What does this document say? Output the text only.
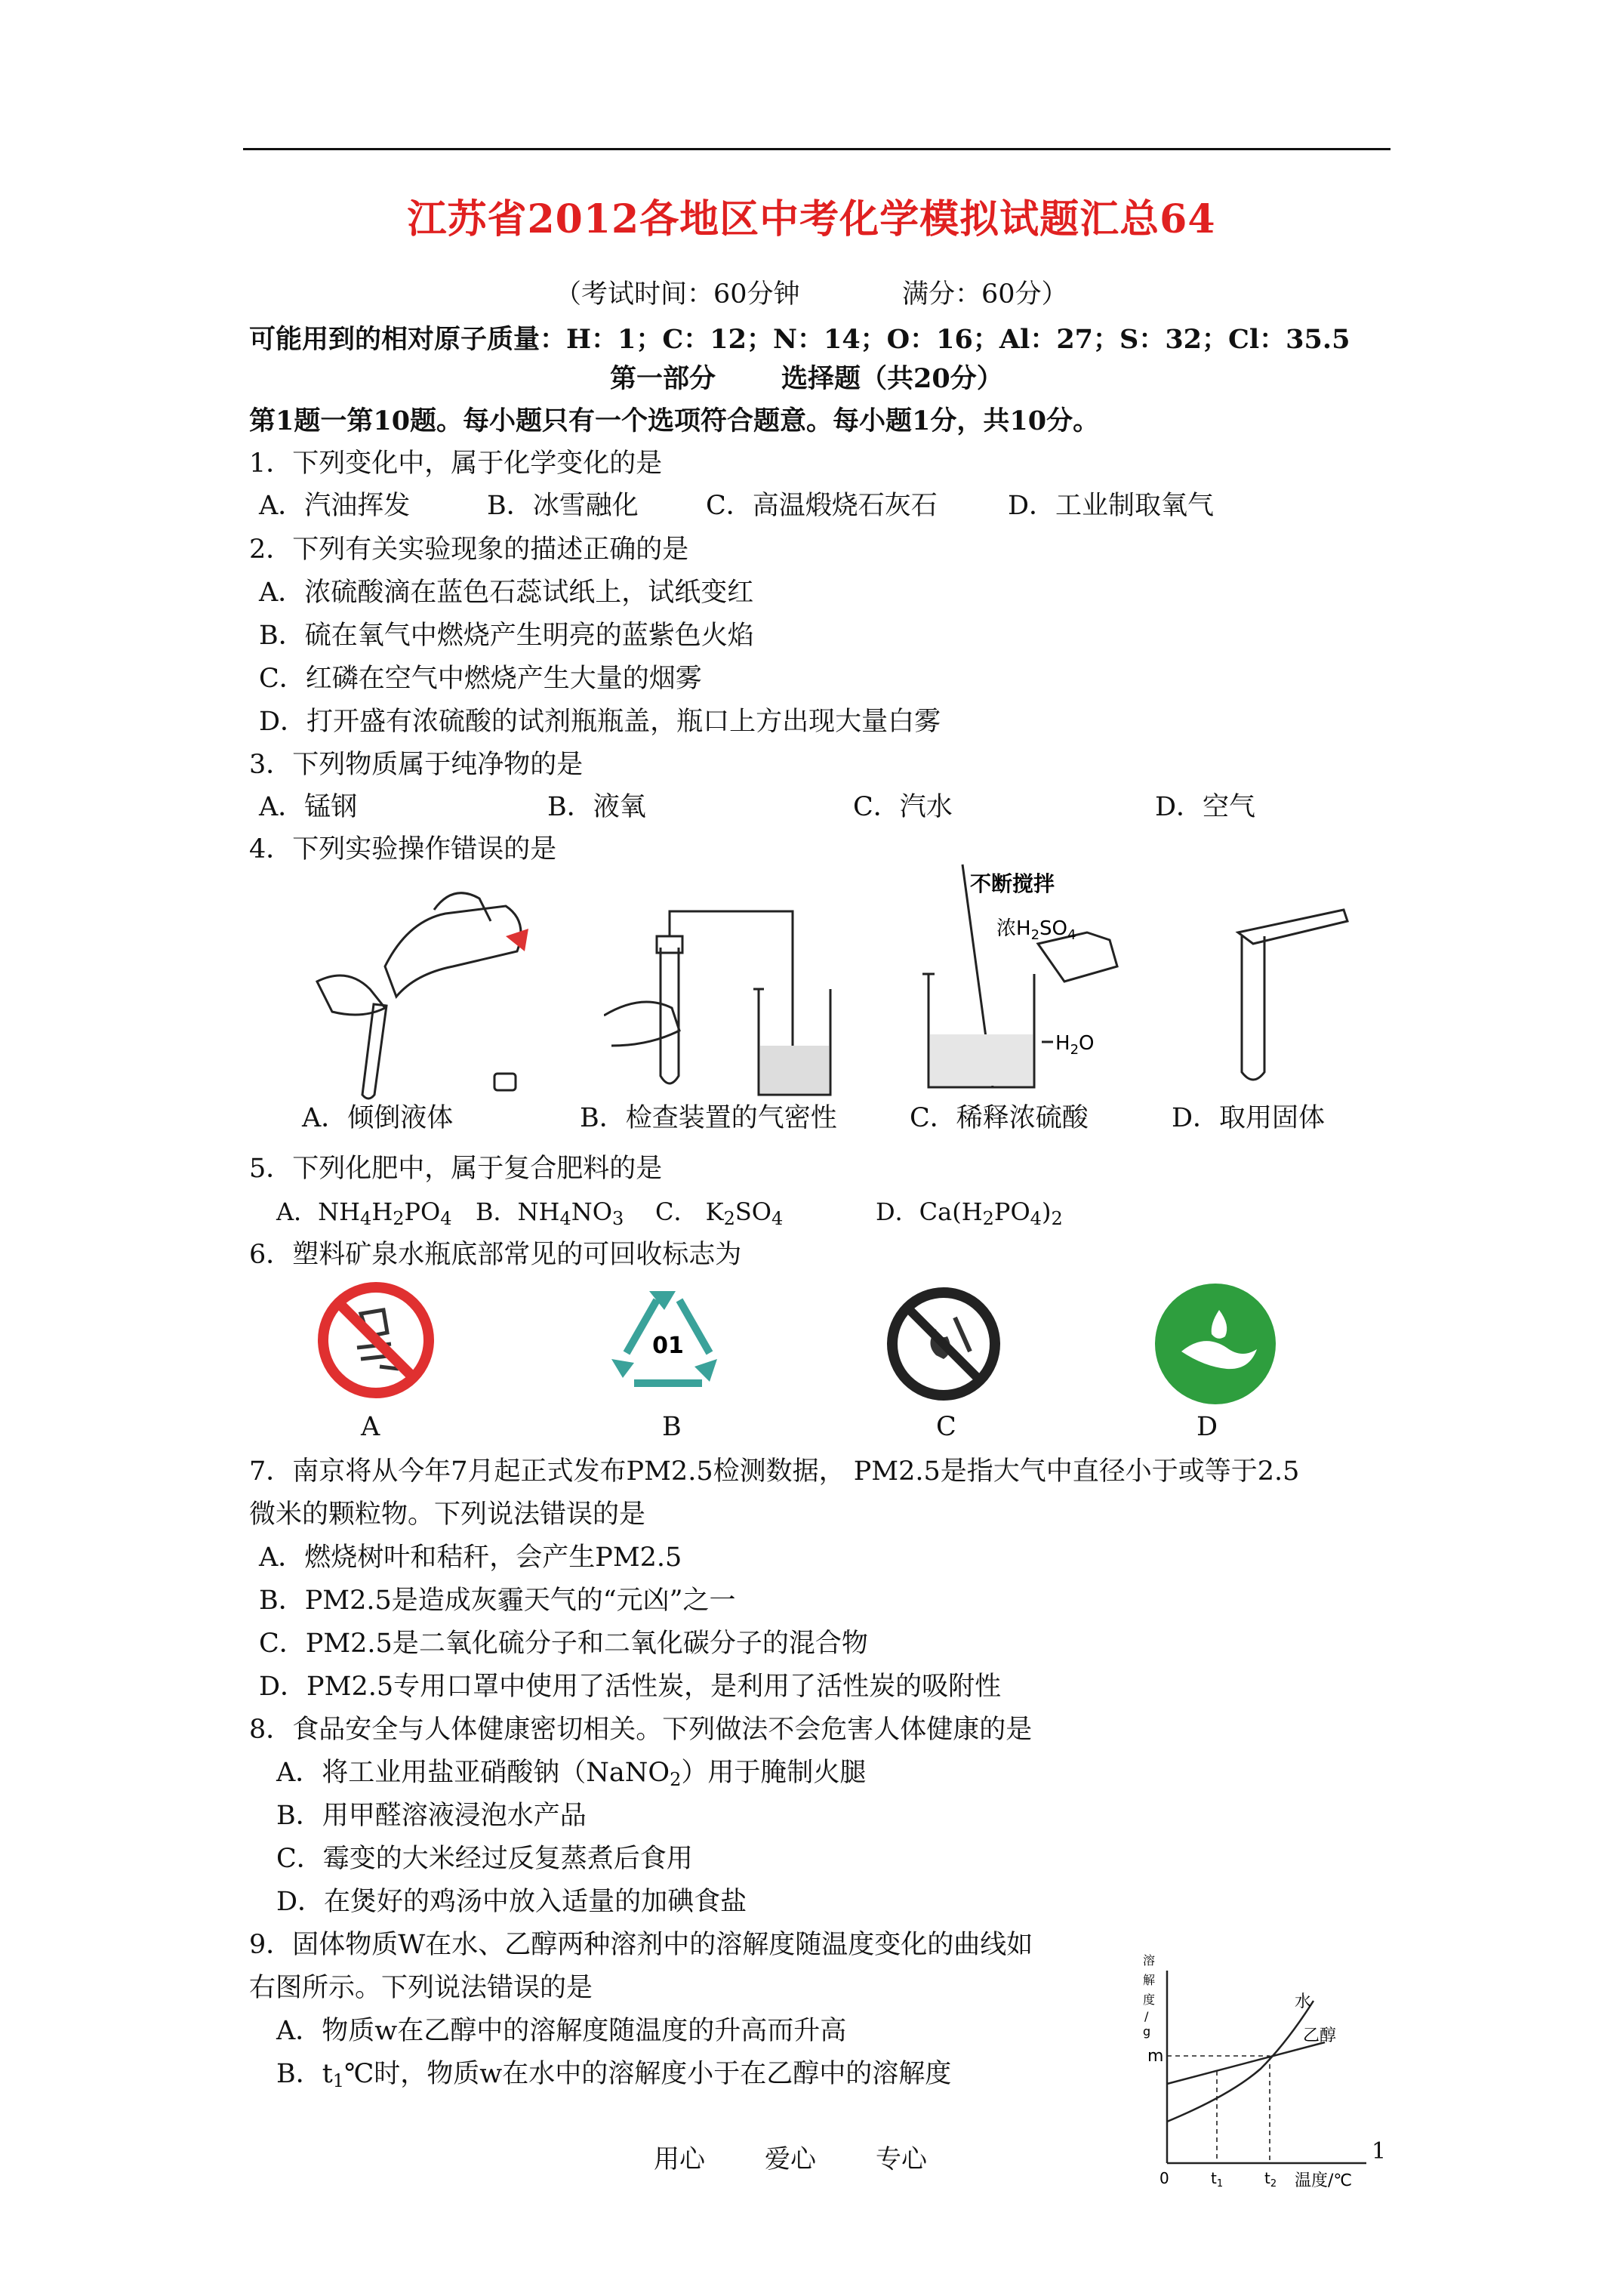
江苏省2012各地区中考化学模拟试题汇总64
（考试时间：60分钟	满分：60分）
可能用到的相对原子质量：H：1；C：12；N：14；O：16；Al：27；S：32；Cl：35.5
第一部分 选择题（共20分）
第1题一第10题。每小题只有一个选项符合题意。每小题1分，共10分。
1．下列变化中，属于化学变化的是
A．汽油挥发	B．冰雪融化	C．高温煅烧石灰石	D．工业制取氧气
2．下列有关实验现象的描述正确的是
A．浓硫酸滴在蓝色石蕊试纸上，试纸变红
B．硫在氧气中燃烧产生明亮的蓝紫色火焰
C．红磷在空气中燃烧产生大量的烟雾
D．打开盛有浓硫酸的试剂瓶瓶盖，瓶口上方出现大量白雾
3．下列物质属于纯净物的是
A．锰钢	B．液氧	C．汽水	D．空气
4．下列实验操作错误的是
不断搅拌
浓$H_2SO_4$
$H_2O$
A．倾倒液体	B．检查装置的气密性	C．稀释浓硫酸	D．取用固体
5．下列化肥中，属于复合肥料的是
A．$NH_4H_2PO_4$ B．$NH_4NO_3$ C． $K_2SO_4$	D．$Ca(H_2PO_4)_2$
6．塑料矿泉水瓶底部常见的可回收标志为
01
A	B	C	D
7．南京将从今年7月起正式发布PM2.5检测数据， PM2.5是指大气中直径小于或等于2.5
微米的颗粒物。下列说法错误的是
A．燃烧树叶和秸秆，会产生PM2.5
B．PM2.5是造成灰霾天气的“元凶”之一
C．PM2.5是二氧化硫分子和二氧化碳分子的混合物
D．PM2.5专用口罩中使用了活性炭，是利用了活性炭的吸附性
8．食品安全与人体健康密切相关。下列做法不会危害人体健康的是
A．将工业用盐亚硝酸钠（NaNO$_2$）用于腌制火腿
B．用甲醛溶液浸泡水产品
C．霉变的大米经过反复蒸煮后食用
D．在煲好的鸡汤中放入适量的加碘食盐
9．固体物质W在水、乙醇两种溶剂中的溶解度随温度变化的曲线如
右图所示。下列说法错误的是
A．物质w在乙醇中的溶解度随温度的升高而升高
B．$t_1℃$时，物质w在水中的溶解度小于在乙醇中的溶解度
溶
解
度
/
g
m
水
乙醇
0	$t_1$	$t_2$ 温度/℃
用心 爱心 专心	1
